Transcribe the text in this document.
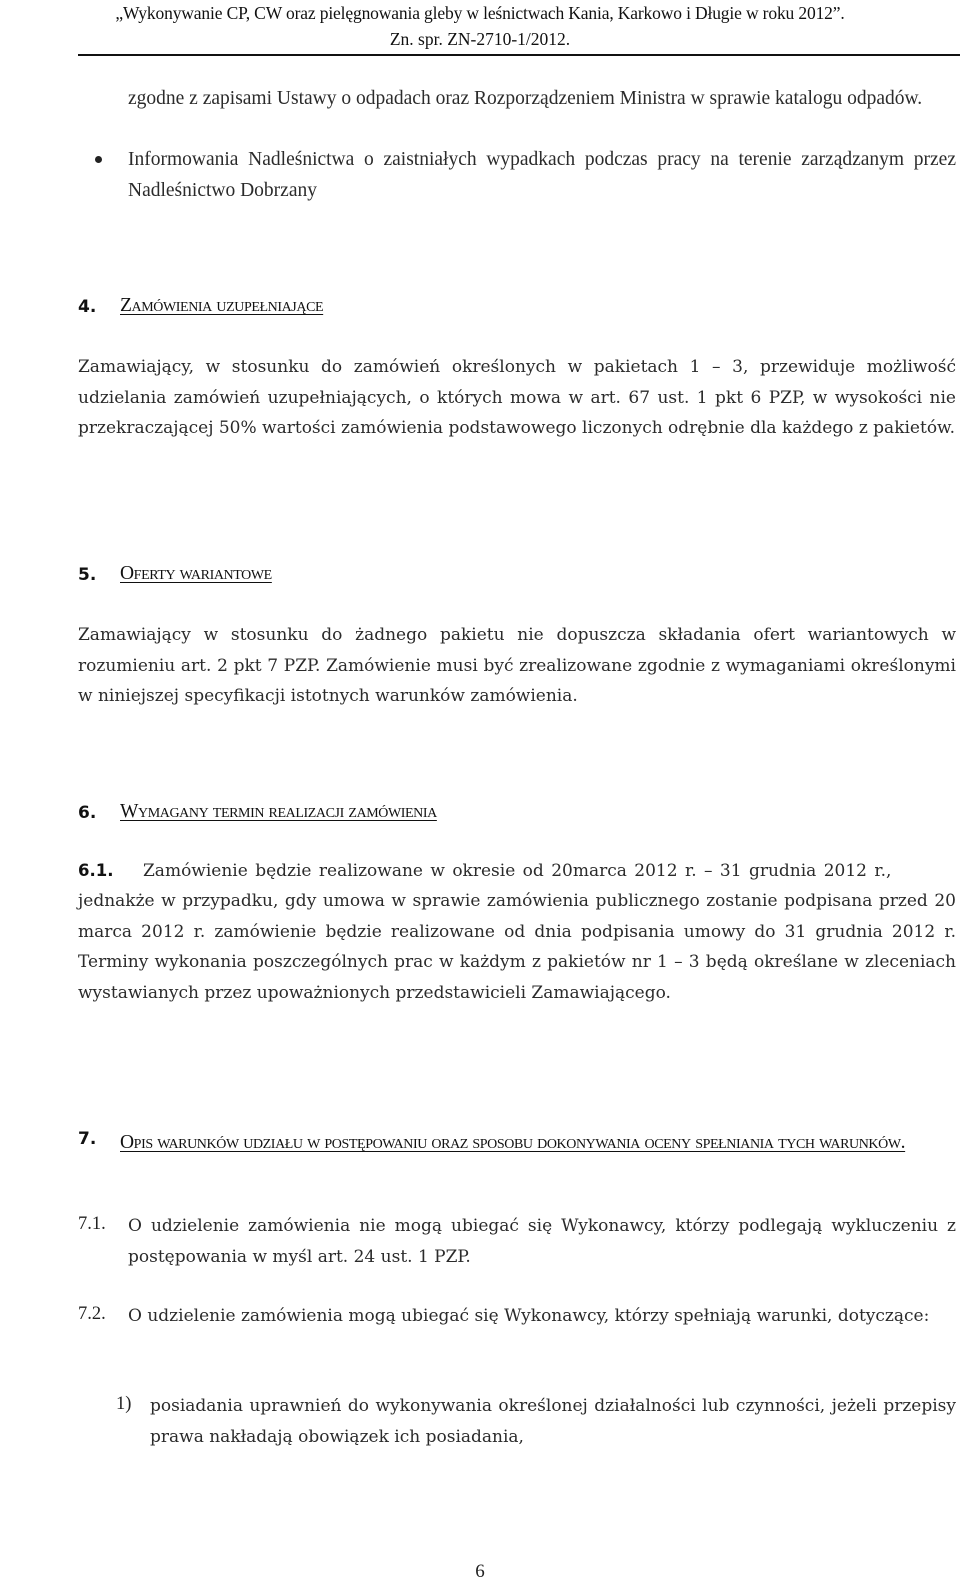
„Wykonywanie CP, CW oraz pielęgnowania gleby w leśnictwach Kania, Karkowo i Długie w roku 2012”.
Zn. spr. ZN-2710-1/2012.
zgodne z zapisami Ustawy o odpadach oraz Rozporządzeniem Ministra w sprawie katalogu odpadów.
Informowania Nadleśnictwa o zaistniałych wypadkach podczas pracy na terenie zarządzanym przez Nadleśnictwo Dobrzany
4. Zamówienia uzupełniające
Zamawiający, w stosunku do zamówień określonych w pakietach 1 – 3, przewiduje możliwość udzielania zamówień uzupełniających, o których mowa w art. 67 ust. 1 pkt 6 PZP, w wysokości nie przekraczającej 50% wartości zamówienia podstawowego liczonych odrębnie dla każdego z pakietów.
5. Oferty wariantowe
Zamawiający w stosunku do żadnego pakietu nie dopuszcza składania ofert wariantowych w rozumieniu art. 2 pkt 7 PZP. Zamówienie musi być zrealizowane zgodnie z wymaganiami określonymi w niniejszej specyfikacji istotnych warunków zamówienia.
6. Wymagany termin realizacji zamówienia
6.1. Zamówienie będzie realizowane w okresie od 20marca 2012 r. – 31 grudnia 2012 r.,
jednakże w przypadku, gdy umowa w sprawie zamówienia publicznego zostanie podpisana przed 20 marca 2012 r. zamówienie będzie realizowane od dnia podpisania umowy do 31 grudnia 2012 r. Terminy wykonania poszczególnych prac w każdym z pakietów nr 1 – 3 będą określane w zleceniach wystawianych przez upoważnionych przedstawicieli Zamawiającego.
7. Opis warunków udziału w postępowaniu oraz sposobu dokonywania oceny spełniania tych warunków.
7.1. O udzielenie zamówienia nie mogą ubiegać się Wykonawcy, którzy podlegają wykluczeniu z postępowania w myśl art. 24 ust. 1 PZP.
7.2. O udzielenie zamówienia mogą ubiegać się Wykonawcy, którzy spełniają warunki, dotyczące:
1) posiadania uprawnień do wykonywania określonej działalności lub czynności, jeżeli przepisy prawa nakładają obowiązek ich posiadania,
6
